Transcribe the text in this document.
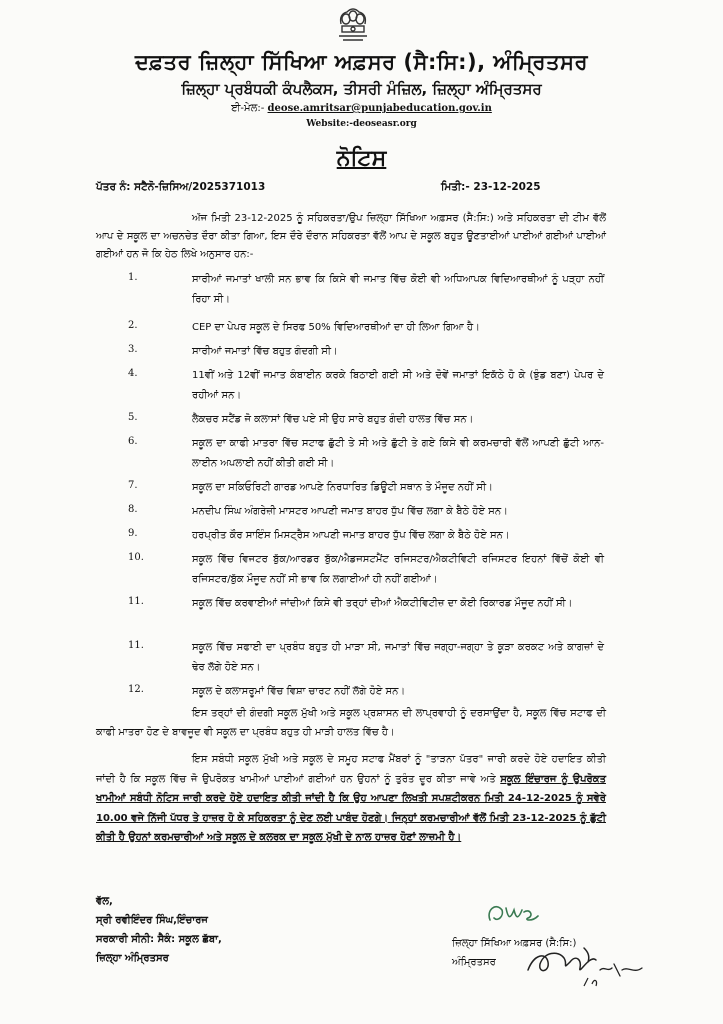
ਦਫ਼ਤਰ ਜ਼ਿਲ੍ਹਾ ਸਿੱਖਿਆ ਅਫ਼ਸਰ (ਸੈ:ਸਿ:), ਅੰਮ੍ਰਿਤਸਰ
ਜ਼ਿਲ੍ਹਾ ਪ੍ਰਬੰਧਕੀ ਕੰਪਲੈਕਸ, ਤੀਸਰੀ ਮੰਜ਼ਿਲ, ਜ਼ਿਲ੍ਹਾ ਅੰਮ੍ਰਿਤਸਰ
ਈ-ਮੇਲ:- deose.amritsar@punjabeducation.gov.in
Website:-deoseasr.org
ਨੋਟਿਸ
ਪੱਤਰ ਨੰ: ਸਟੈਨੋ-ਜ਼ਿਸਿਅ/2025371013	ਮਿਤੀ:- 23-12-2025
ਅੱਜ ਮਿਤੀ 23-12-2025 ਨੂੰ ਸਹਿਕਰਤਾ/ਉਪ ਜ਼ਿਲ੍ਹਾ ਸਿੱਖਿਆ ਅਫ਼ਸਰ (ਸੈ:ਸਿ:) ਅਤੇ ਸਹਿਕਰਤਾ ਦੀ ਟੀਮ ਵੱਲੋਂ ਆਪ ਦੇ ਸਕੂਲ ਦਾ ਅਚਨਚੇਤ ਦੌਰਾ ਕੀਤਾ ਗਿਆ, ਇਸ ਦੌਰੇ ਦੌਰਾਨ ਸਹਿਕਰਤਾ ਵੱਲੋਂ ਆਪ ਦੇ ਸਕੂਲ ਬਹੁਤ ਊਣਤਾਈਆਂ ਪਾਈਆਂ ਗਈਆਂ ਪਾਈਆਂ ਗਈਆਂ ਹਨ ਜੋ ਕਿ ਹੇਠ ਲਿਖੇ ਅਨੁਸਾਰ ਹਨ:-
1.	ਸਾਰੀਆਂ ਜਮਾਤਾਂ ਖਾਲੀ ਸਨ ਭਾਵ ਕਿ ਕਿਸੇ ਵੀ ਜਮਾਤ ਵਿੱਚ ਕੋਈ ਵੀ ਅਧਿਆਪਕ ਵਿਦਿਆਰਥੀਆਂ ਨੂੰ ਪੜ੍ਹਾ ਨਹੀਂ ਰਿਹਾ ਸੀ।
2.	CEP ਦਾ ਪੇਪਰ ਸਕੂਲ ਦੇ ਸਿਰਫ 50% ਵਿਦਿਆਰਥੀਆਂ ਦਾ ਹੀ ਲਿਆ ਗਿਆ ਹੈ।
3.	ਸਾਰੀਆਂ ਜਮਾਤਾਂ ਵਿੱਚ ਬਹੁਤ ਗੰਦਗੀ ਸੀ।
4.	11ਵੀਂ ਅਤੇ 12ਵੀਂ ਜਮਾਤ ਕੰਬਾਈਨ ਕਰਕੇ ਬਿਠਾਈ ਗਈ ਸੀ ਅਤੇ ਦੋਵੇਂ ਜਮਾਤਾਂ ਇਕੱਠੇ ਹੋ ਕੇ (ਝੁੰਡ ਬਣਾ) ਪੇਪਰ ਦੇ ਰਹੀਆਂ ਸਨ।
5.	ਲੈਕਚਰ ਸਟੈਂਡ ਜੋ ਕਲਾਸਾਂ ਵਿੱਚ ਪਏ ਸੀ ਉਹ ਸਾਰੇ ਬਹੁਤ ਗੰਦੀ ਹਾਲਤ ਵਿੱਚ ਸਨ।
6.	ਸਕੂਲ ਦਾ ਕਾਫੀ ਮਾਤਰਾ ਵਿੱਚ ਸਟਾਫ ਛੁੱਟੀ ਤੇ ਸੀ ਅਤੇ ਛੁੱਟੀ ਤੇ ਗਏ ਕਿਸੇ ਵੀ ਕਰਮਚਾਰੀ ਵੱਲੋਂ ਆਪਣੀ ਛੁੱਟੀ ਆਨ-ਲਾਈਨ ਅਪਲਾਈ ਨਹੀਂ ਕੀਤੀ ਗਈ ਸੀ।
7.	ਸਕੂਲ ਦਾ ਸਕਿਓਰਿਟੀ ਗਾਰਡ ਆਪਣੇ ਨਿਰਧਾਰਿਤ ਡਿਊਟੀ ਸਥਾਨ ਤੇ ਮੌਜੂਦ ਨਹੀਂ ਸੀ।
8.	ਮਨਦੀਪ ਸਿੰਘ ਅੰਗਰੇਜ਼ੀ ਮਾਸਟਰ ਆਪਣੀ ਜਮਾਤ ਬਾਹਰ ਧੁੱਪ ਵਿੱਚ ਲਗਾ ਕੇ ਬੈਠੇ ਹੋਏ ਸਨ।
9.	ਹਰਪ੍ਰੀਤ ਕੌਰ ਸਾਇੰਸ ਮਿਸਟ੍ਰੈਸ ਆਪਣੀ ਜਮਾਤ ਬਾਹਰ ਧੁੱਪ ਵਿੱਚ ਲਗਾ ਕੇ ਬੈਠੇ ਹੋਏ ਸਨ।
10.	ਸਕੂਲ ਵਿੱਚ ਵਿਜਟਰ ਬੁੱਕ/ਆਰਡਰ ਬੁੱਕ/ਐਡਜਸਟਮੈਂਟ ਰਜਿਸਟਰ/ਐਕਟੀਵਿਟੀ ਰਜਿਸਟਰ ਇਹਨਾਂ ਵਿੱਚੋਂ ਕੋਈ ਵੀ ਰਜਿਸਟਰ/ਬੁੱਕ ਮੌਜੂਦ ਨਹੀਂ ਸੀ ਭਾਵ ਕਿ ਲਗਾਈਆਂ ਹੀ ਨਹੀਂ ਗਈਆਂ।
11.	ਸਕੂਲ ਵਿੱਚ ਕਰਵਾਈਆਂ ਜਾਂਦੀਆਂ ਕਿਸੇ ਵੀ ਤਰ੍ਹਾਂ ਦੀਆਂ ਐਕਟੀਵਿਟੀਜ਼ ਦਾ ਕੋਈ ਰਿਕਾਰਡ ਮੌਜੂਦ ਨਹੀਂ ਸੀ।
11.	ਸਕੂਲ ਵਿੱਚ ਸਫਾਈ ਦਾ ਪ੍ਰਬੰਧ ਬਹੁਤ ਹੀ ਮਾੜਾ ਸੀ, ਜਮਾਤਾਂ ਵਿੱਚ ਜਗ੍ਹਾ-ਜਗ੍ਹਾ ਤੇ ਕੂੜਾ ਕਰਕਟ ਅਤੇ ਕਾਗਜ਼ਾਂ ਦੇ ਢੇਰ ਲੱਗੇ ਹੋਏ ਸਨ।
12.	ਸਕੂਲ ਦੇ ਕਲਾਸਰੂਮਾਂ ਵਿੱਚ ਵਿਸ਼ਾ ਚਾਰਟ ਨਹੀਂ ਲੱਗੇ ਹੋਏ ਸਨ।
ਇਸ ਤਰ੍ਹਾਂ ਦੀ ਗੰਦਗੀ ਸਕੂਲ ਮੁੱਖੀ ਅਤੇ ਸਕੂਲ ਪ੍ਰਸ਼ਾਸਨ ਦੀ ਲਾਪ੍ਰਵਾਹੀ ਨੂੰ ਦਰਸਾਉਂਦਾ ਹੈ, ਸਕੂਲ ਵਿੱਚ ਸਟਾਫ ਦੀ ਕਾਫੀ ਮਾਤਰਾ ਹੋਣ ਦੇ ਬਾਵਜੂਦ ਵੀ ਸਕੂਲ ਦਾ ਪ੍ਰਬੰਧ ਬਹੁਤ ਹੀ ਮਾੜੀ ਹਾਲਤ ਵਿੱਚ ਹੈ।
ਇਸ ਸਬੰਧੀ ਸਕੂਲ ਮੁੱਖੀ ਅਤੇ ਸਕੂਲ ਦੇ ਸਮੂਹ ਸਟਾਫ ਮੈਂਬਰਾਂ ਨੂੰ "ਤਾੜਨਾ ਪੱਤਰ" ਜਾਰੀ ਕਰਦੇ ਹੋਏ ਹਦਾਇਤ ਕੀਤੀ ਜਾਂਦੀ ਹੈ ਕਿ ਸਕੂਲ ਵਿੱਚ ਜੋ ਉਪਰੋਕਤ ਖਾਮੀਆਂ ਪਾਈਆਂ ਗਈਆਂ ਹਨ ਉਹਨਾਂ ਨੂੰ ਤੁਰੰਤ ਦੂਰ ਕੀਤਾ ਜਾਵੇ ਅਤੇ ਸਕੂਲ ਇੰਚਾਰਜ ਨੂੰ ਉਪਰੋਕਤ ਖਾਮੀਆਂ ਸਬੰਧੀ ਨੋਟਿਸ ਜਾਰੀ ਕਰਦੇ ਹੋਏ ਹਦਾਇਤ ਕੀਤੀ ਜਾਂਦੀ ਹੈ ਕਿ ਉਹ ਆਪਣਾ ਲਿਖਤੀ ਸਪਸ਼ਟੀਕਰਨ ਮਿਤੀ 24-12-2025 ਨੂੰ ਸਵੇਰੇ 10.00 ਵਜੇ ਨਿੱਜੀ ਪੱਧਰ ਤੇ ਹਾਜ਼ਰ ਹੋ ਕੇ ਸਹਿਕਰਤਾ ਨੂੰ ਦੇਣ ਲਈ ਪਾਬੰਦ ਹੋਣਗੇ। ਜਿਨ੍ਹਾਂ ਕਰਮਚਾਰੀਆਂ ਵੱਲੋਂ ਮਿਤੀ 23-12-2025 ਨੂੰ ਛੁੱਟੀ ਕੀਤੀ ਹੈ ਉਹਨਾਂ ਕਰਮਚਾਰੀਆਂ ਅਤੇ ਸਕੂਲ ਦੇ ਕਲਰਕ ਦਾ ਸਕੂਲ ਮੁੱਖੀ ਦੇ ਨਾਲ ਹਾਜ਼ਰ ਹੋਣਾਂ ਲਾਜ਼ਮੀ ਹੈ।
ਵੱਲ,
ਸ੍ਰੀ ਰਵੀਇੰਦਰ ਸਿੰਘ,ਇੰਚਾਰਜ
ਸਰਕਾਰੀ ਸੀਨੀ: ਸੈਕੰ: ਸਕੂਲ ਛੱਬਾ,
ਜ਼ਿਲ੍ਹਾ ਅੰਮ੍ਰਿਤਸਰ
ਜ਼ਿਲ੍ਹਾ ਸਿੱਖਿਆ ਅਫ਼ਸਰ (ਸੈ:ਸਿ:)
ਅੰਮ੍ਰਿਤਸਰ
